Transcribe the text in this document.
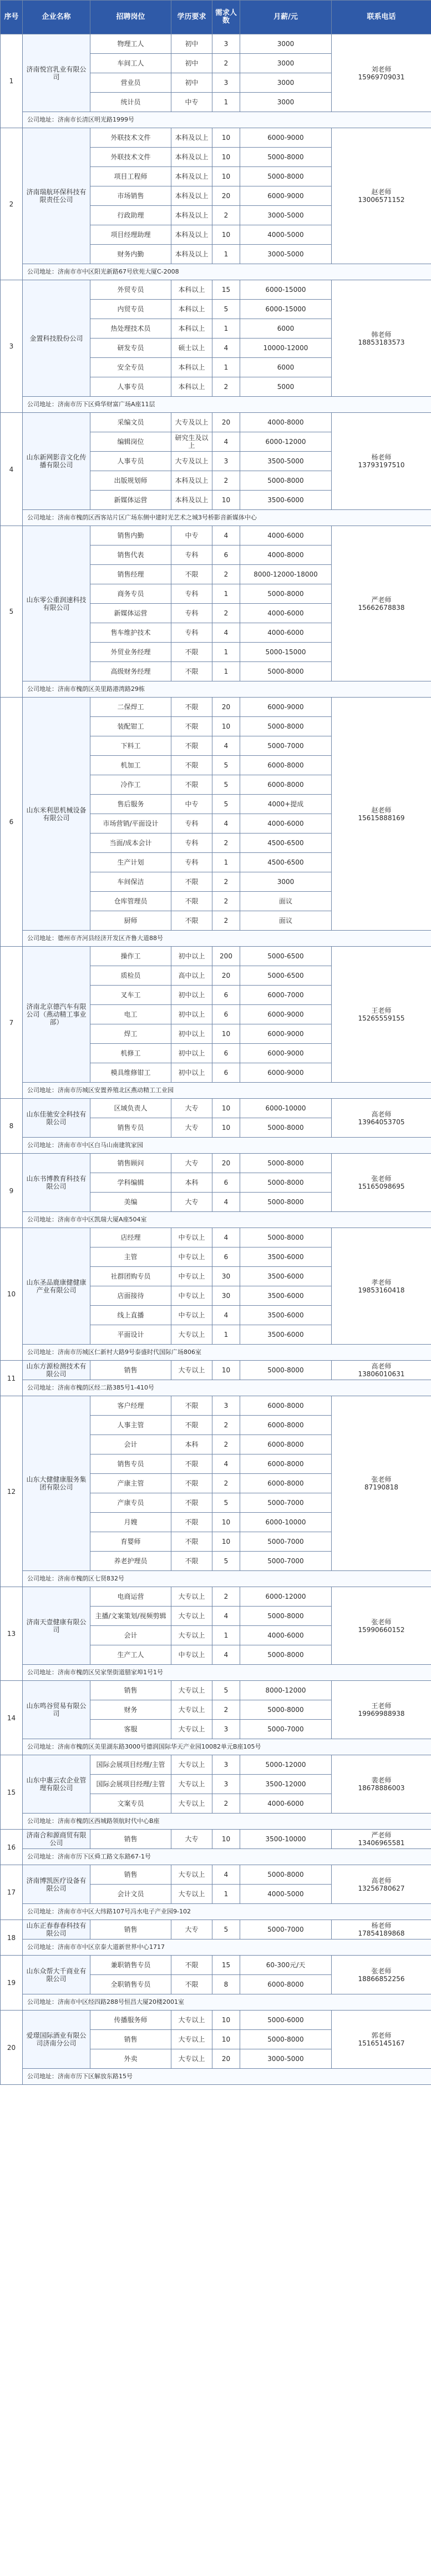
序号	企业名称	招聘岗位	学历要求	需求人数	月薪/元	联系电话
1	济南悦宫乳业有限公司	物理工人	初中	3	3000	刘老师
15969709031
		车间工人	初中	2	3000	
		营业员	初中	3	3000	
		统计员	中专	1	3000	
	公司地址：济南市长清区明光路1999号					
2	济南瑞航环保科技有限责任公司	外联技术文件	本科及以上	10	6000-9000	赵老师
13006571152
		外联技术文件	本科及以上	10	5000-8000	
		项目工程师	本科及以上	10	5000-8000	
		市场销售	本科及以上	20	6000-9000	
		行政助理	本科及以上	2	3000-5000	
		项目经理助理	本科及以上	10	4000-5000	
		财务内勤	本科及以上	1	3000-5000	
	公司地址：济南市市中区阳光新路67号欣苑大厦C-2008					
3	金置科技股份公司	外贸专员	本科以上	15	6000-15000	韩老师
18853183573
		内贸专员	本科以上	5	6000-15000	
		热处理技术员	本科以上	1	6000	
		研发专员	硕士以上	4	10000-12000	
		安全专员	本科以上	1	6000	
		人事专员	本科以上	2	5000	
	公司地址：济南市历下区舜华财富广场A座11层					
4	山东新网影音文化传播有限公司	采编文员	大专及以上	20	4000-8000	杨老师
13793197510
		编辑岗位	研究生及以上	4	6000-12000	
		人事专员	大专及以上	3	3500-5000	
		出版规划师	本科及以上	2	5000-8000	
		新媒体运营	本科及以上	10	3500-6000	
	公司地址：济南市槐荫区西客站片区广场东侧中建时光艺术之城3号桥影音新媒体中心					
5	山东零公重润速科技有限公司	销售内勤	中专	4	4000-6000	严老师
15662678838
		销售代表	专科	6	4000-8000	
		销售经理	不限	2	8000-12000-18000	
		商务专员	专科	1	5000-8000	
		新媒体运营	专科	2	4000-6000	
		售车维护技术	专科	4	4000-6000	
		外贸业务经理	不限	1	5000-15000	
		高级财务经理	不限	1	5000-8000	
	公司地址：济南市槐荫区美里路港湾路29栋					
6	山东米利思机械设备有限公司	二保焊工	不限	20	6000-9000	赵老师
15615888169
		装配钳工	不限	10	5000-8000	
		下料工	不限	4	5000-7000	
		机加工	不限	5	6000-8000	
		冷作工	不限	5	6000-8000	
		售后服务	中专	5	4000+提成	
		市场营销/平面设计	专科	4	4000-6000	
		当面/成本会计	专科	2	4500-6500	
		生产计划	专科	1	4500-6500	
		车间保洁	不限	2	3000	
		仓库管理员	不限	2	面议	
		厨师	不限	2	面议	
	公司地址：德州市齐河县经济开发区齐鲁大道88号					
7	济南北京德汽车有限公司（燕动精工事业部）	操作工	初中以上	200	5000-6500	王老师
15265559155
		质检员	高中以上	20	5000-6500	
		叉车工	初中以上	6	6000-7000	
		电工	初中以上	6	6000-9000	
		焊工	初中以上	10	6000-9000	
		机修工	初中以上	6	6000-9000	
		模具维修钳工	初中以上	6	6000-9000	
	公司地址：济南市历城区安置养殖北区燕动精工工业园					
8	山东佳驰安全科技有限公司	区域负责人	大专	10	6000-10000	高老师
13964053705
		销售专员	大专	10	5000-8000	
	公司地址：济南市市中区白马山南建筑家园					
9	山东书博教育科技有限公司	销售顾问	大专	20	5000-8000	张老师
15165098695
		学科编辑	本科	6	5000-8000	
		美编	大专	4	5000-8000	
	公司地址：济南市市中区凯瑞大厦A座504室					
10	山东圣品鹿康健健康产业有限公司	店经理	中专以上	4	5000-8000	孝老师
19853160418
		主管	中专以上	6	3500-6000	
		社群团购专员	中专以上	30	3500-6000	
		店面接待	中专以上	30	3500-6000	
		线上直播	中专以上	4	3500-6000	
		平面设计	大专以上	1	3500-6000	
	公司地址：济南市历城区仁新村大路9号泰盛时代国际广场806室					
11	山东方源检测技术有限公司	销售	大专以上	10	5000-8000	高老师
13806010631
	公司地址：济南市槐荫区经二路385号1-410号					
12	山东大健健康服务集团有限公司	客户经理	不限	3	6000-8000	张老师
87190818
		人事主管	不限	2	6000-8000	
		会计	本科	2	6000-8000	
		销售专员	不限	4	6000-8000	
		产康主管	不限	2	6000-8000	
		产康专员	不限	5	5000-7000	
		月嫂	不限	10	6000-10000	
		育婴师	不限	10	5000-7000	
		养老护理员	不限	5	5000-7000	
	公司地址：济南市槐荫区七贤832号					
13	济南天壹健康有限公司	电商运营	大专以上	2	6000-12000	张老师
15990660152
		主播/文案策划/视频剪辑	大专以上	4	5000-8000	
		会计	大专以上	1	4000-6000	
		生产工人	中专以上	4	5000-8000	
	公司地址：济南市槐荫区吴家堡街道腊家埠1号1号					
14	山东鸣谷贸易有限公司	销售	大专以上	5	8000-12000	王老师
19969988938
		财务	大专以上	2	5000-8000	
		客服	大专以上	3	5000-7000	
	公司地址：济南市槐荫区美里湖东路3000号德润国际华天产业园10082单元B座105号					
15	山东中惠云农企业管理有限公司	国际会展项目经理/主管	大专以上	3	5000-12000	裴老师
18678886003
		国际会展项目经理/主管	大专以上	3	3500-12000	
		文案专员	大专以上	2	4000-6000	
	公司地址：济南市槐荫区西城路领航时代中心B座					
16	济南合和源商贸有限公司	销售	大专	10	3500-10000	严老师
13406965581
	公司地址：济南市历下区舜工路文东路67-1号					
17	济南博凯医疗设备有限公司	销售	大专以上	4	5000-8000	高老师
13256780627
		会计文员	大专以上	1	4000-5000	
	公司地址：济南市市中区大纬路107号冯水电子产业园9-102					
18	山东正春春春科技有限公司	销售	大专	5	5000-7000	杨老师
17854189868
	公司地址：济南市市中区京泰大道新世界中心1717					
19	山东众帮大千商业有限公司	兼职销售专员	不限	15	60-300元/天	张老师
18866852256
		全职销售专员	不限	8	6000-8000	
	公司地址：济南市中区经四路288号恒昌大厦20楼2001室					
20	爱璟国际酒业有限公司济南分公司	传播服务师	大专以上	10	5000-6000	郭老师
15165145167
		销售	大专以上	10	5000-8000	
		外卖	大专以上	20	3000-5000	
	公司地址：济南市历下区解放东路15号					
